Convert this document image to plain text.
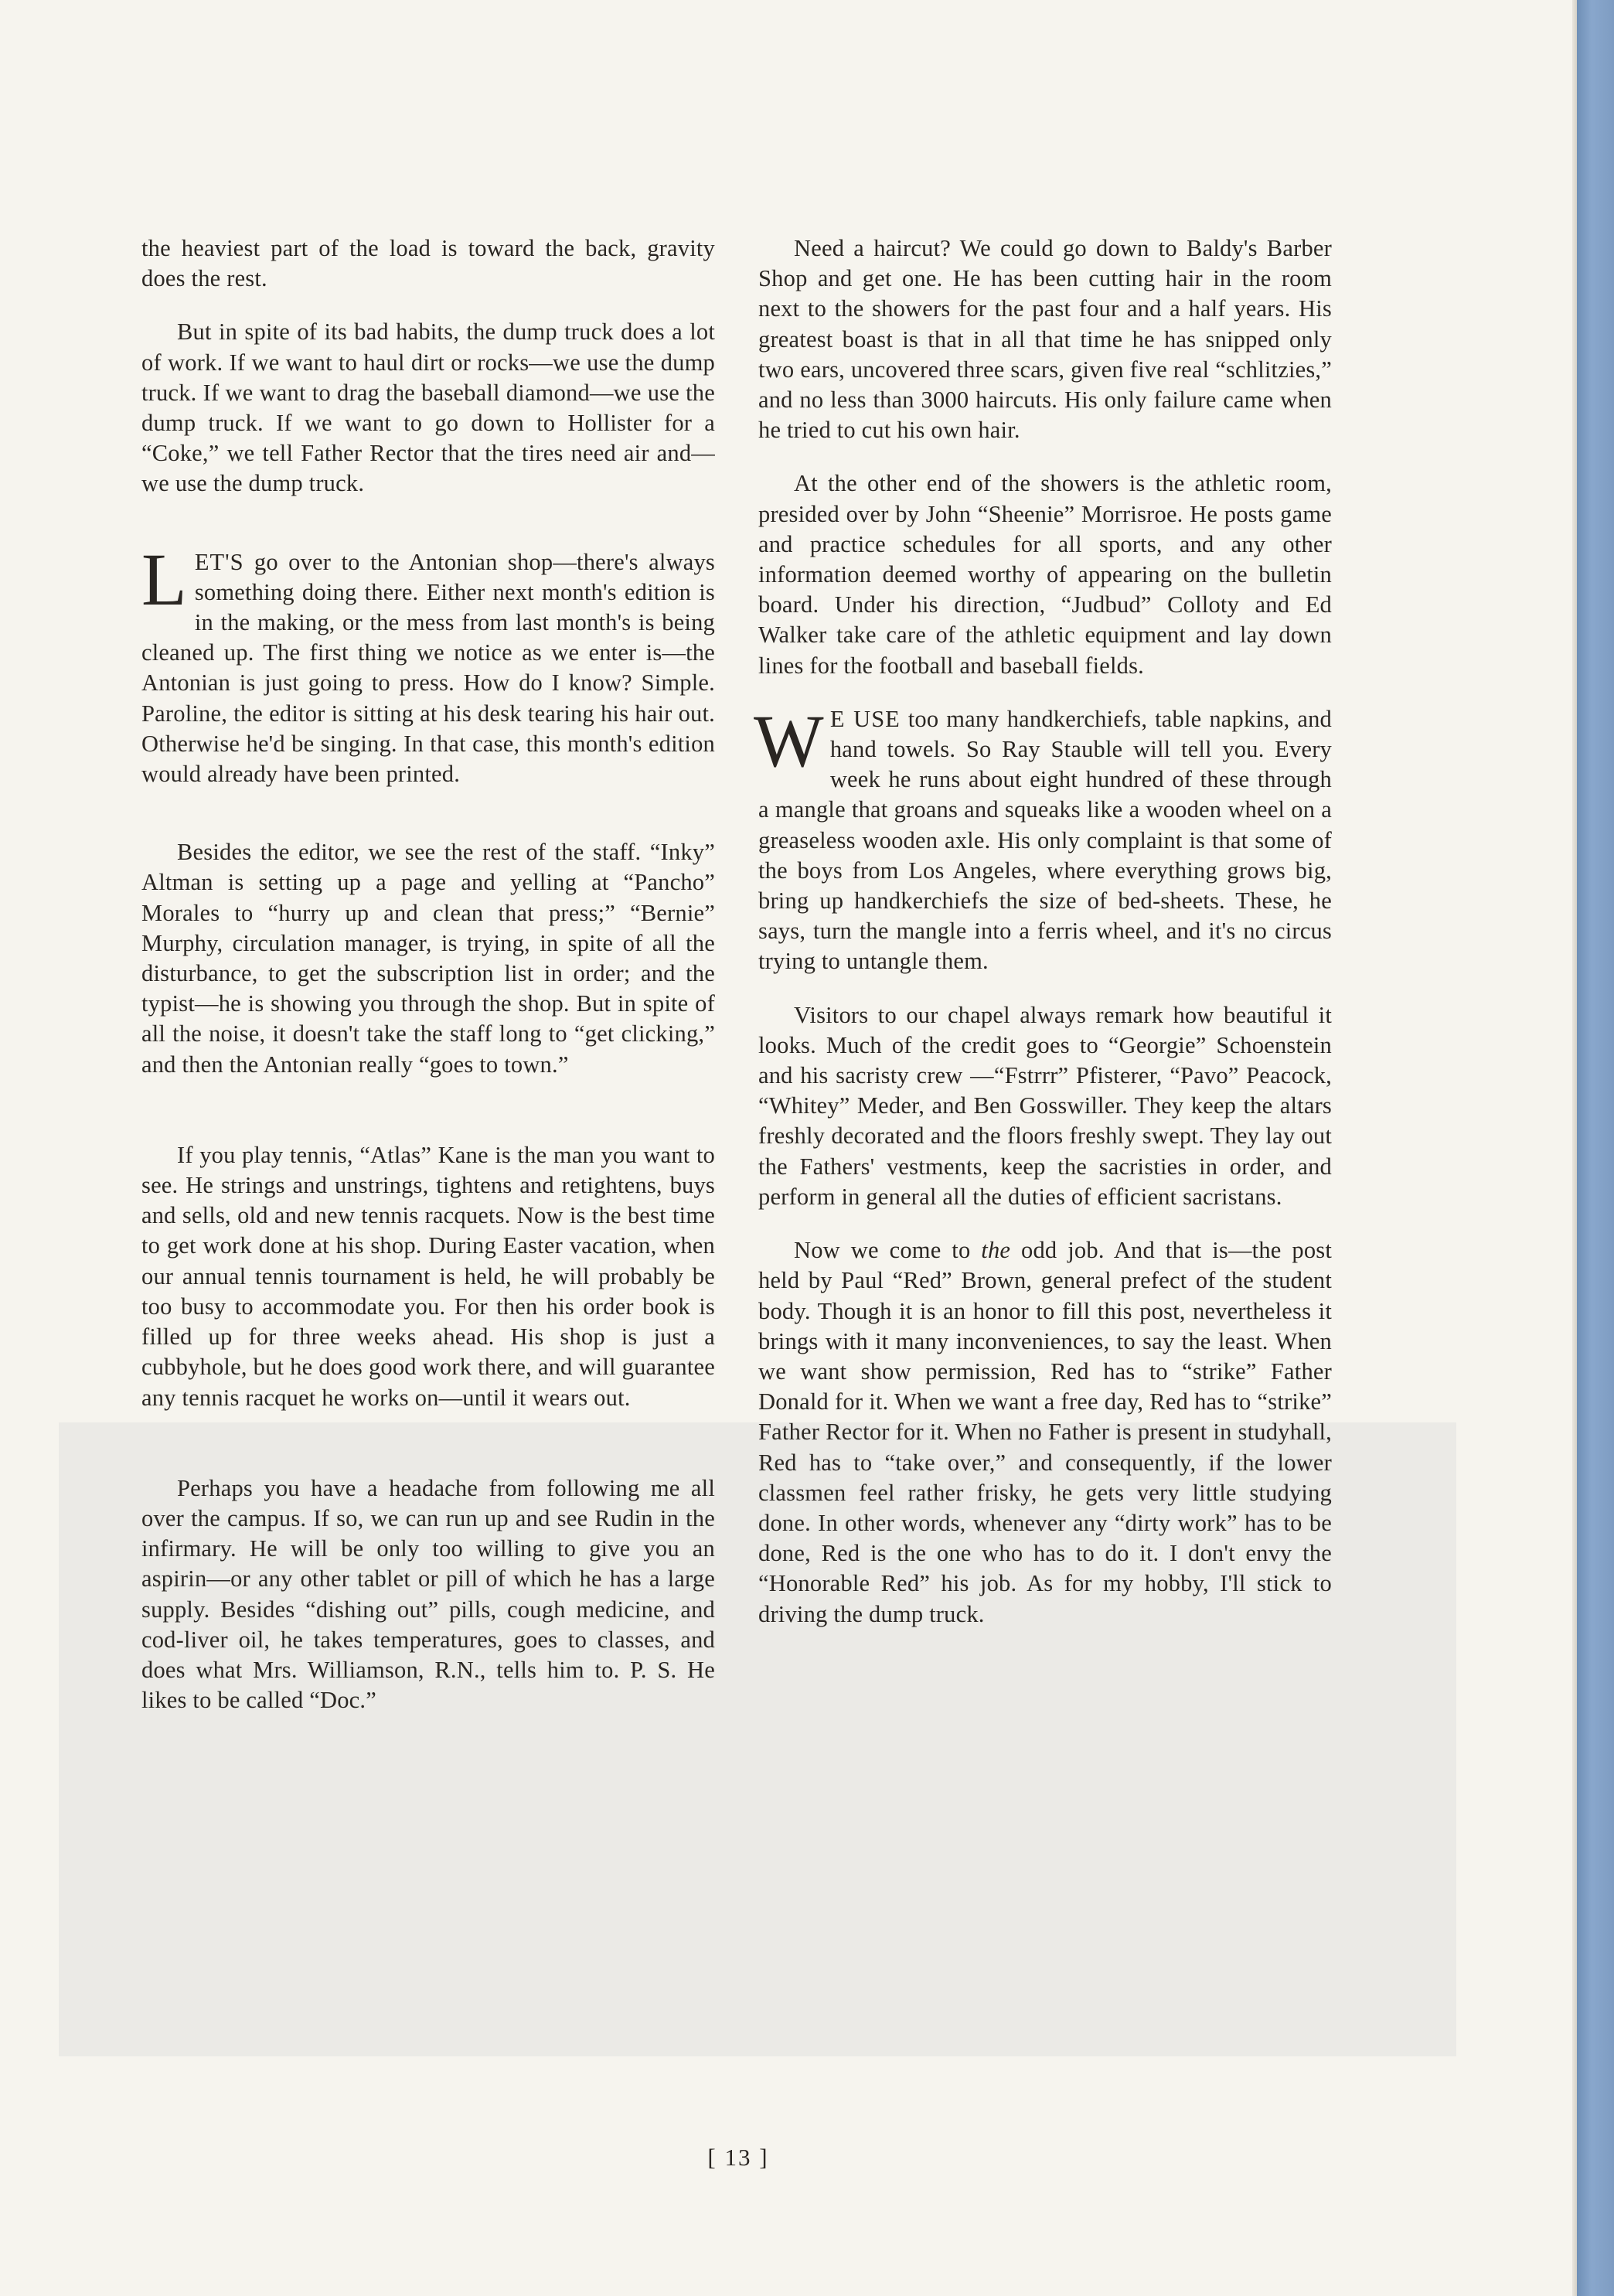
the heaviest part of the load is toward the back, gravity does the rest.

But in spite of its bad habits, the dump truck does a lot of work. If we want to haul dirt or rocks—we use the dump truck. If we want to drag the baseball diamond—we use the dump truck. If we want to go down to Hollister for a “Coke,” we tell Father Rector that the tires need air and—we use the dump truck.

LET'S go over to the Antonian shop—there's always something doing there. Either next month's edition is in the making, or the mess from last month's is being cleaned up. The first thing we notice as we enter is—the Antonian is just going to press. How do I know? Simple. Paroline, the editor is sitting at his desk tearing his hair out. Otherwise he'd be singing. In that case, this month's edition would already have been printed.

Besides the editor, we see the rest of the staff. “Inky” Altman is setting up a page and yelling at “Pancho” Morales to “hurry up and clean that press;” “Bernie” Murphy, circulation manager, is trying, in spite of all the disturbance, to get the subscription list in order; and the typist—he is showing you through the shop. But in spite of all the noise, it doesn't take the staff long to “get clicking,” and then the Antonian really “goes to town.”

If you play tennis, “Atlas” Kane is the man you want to see. He strings and unstrings, tightens and retightens, buys and sells, old and new tennis racquets. Now is the best time to get work done at his shop. During Easter vacation, when our annual tennis tournament is held, he will probably be too busy to accommodate you. For then his order book is filled up for three weeks ahead. His shop is just a cubbyhole, but he does good work there, and will guarantee any tennis racquet he works on—until it wears out.

Perhaps you have a headache from following me all over the campus. If so, we can run up and see Rudin in the infirmary. He will be only too willing to give you an aspirin—or any other tablet or pill of which he has a large supply. Besides “dishing out” pills, cough medicine, and cod-liver oil, he takes temperatures, goes to classes, and does what Mrs. Williamson, R.N., tells him to. P. S. He likes to be called “Doc.”

Need a haircut? We could go down to Baldy's Barber Shop and get one. He has been cutting hair in the room next to the showers for the past four and a half years. His greatest boast is that in all that time he has snipped only two ears, uncovered three scars, given five real “schlitzies,” and no less than 3000 haircuts. His only failure came when he tried to cut his own hair.

At the other end of the showers is the athletic room, presided over by John “Sheenie” Morrisroe. He posts game and practice schedules for all sports, and any other information deemed worthy of appearing on the bulletin board. Under his direction, “Judbud” Colloty and Ed Walker take care of the athletic equipment and lay down lines for the football and baseball fields.

W E USE too many handkerchiefs, table napkins, and hand towels. So Ray Stauble will tell you. Every week he runs about eight hundred of these through a mangle that groans and squeaks like a wooden wheel on a greaseless wooden axle. His only complaint is that some of the boys from Los Angeles, where everything grows big, bring up handkerchiefs the size of bed-sheets. These, he says, turn the mangle into a ferris wheel, and it's no circus trying to untangle them.

Visitors to our chapel always remark how beautiful it looks. Much of the credit goes to “Georgie” Schoenstein and his sacristy crew —“Fstrrr” Pfisterer, “Pavo” Peacock, “Whitey” Meder, and Ben Gosswiller. They keep the altars freshly decorated and the floors freshly swept. They lay out the Fathers' vestments, keep the sacristies in order, and perform in general all the duties of efficient sacristans.

Now we come to the odd job. And that is—the post held by Paul “Red” Brown, general prefect of the student body. Though it is an honor to fill this post, nevertheless it brings with it many inconveniences, to say the least. When we want show permission, Red has to “strike” Father Donald for it. When we want a free day, Red has to “strike” Father Rector for it. When no Father is present in studyhall, Red has to “take over,” and consequently, if the lower classmen feel rather frisky, he gets very little studying done. In other words, whenever any “dirty work” has to be done, Red is the one who has to do it. I don't envy the “Honorable Red” his job. As for my hobby, I'll stick to driving the dump truck.

[ 13 ]
